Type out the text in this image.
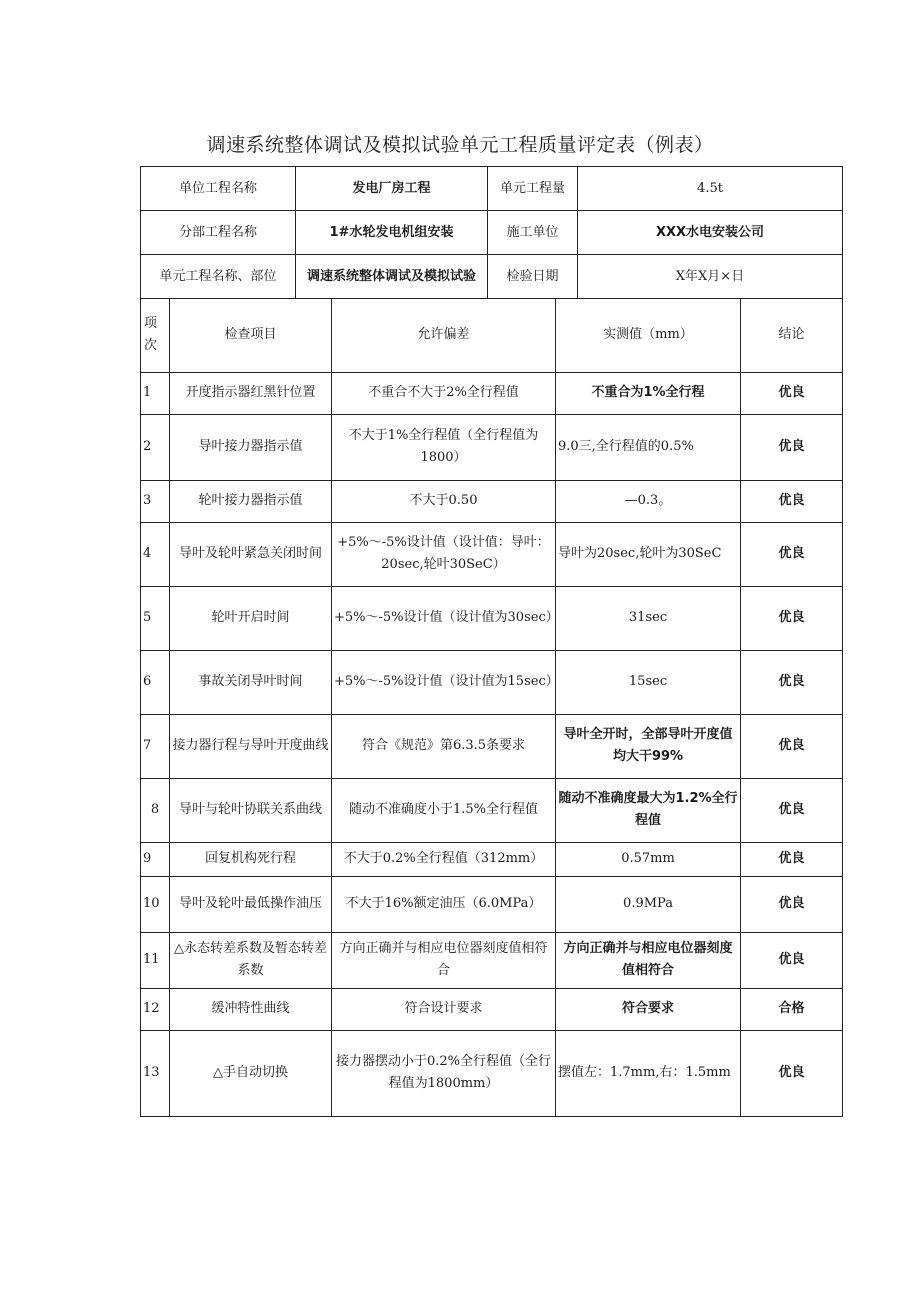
调速系统整体调试及模拟试验单元工程质量评定表（例表）
单位工程名称	发电厂房工程	单元工程量	4.5t
分部工程名称	1#水轮发电机组安装	施工单位	XXX水电安装公司
单元工程名称、部位	调速系统整体调试及模拟试验	检验日期	X年X月×日
项次	检查项目	允许偏差	实测值（mm）	结论
1	开度指示器红黑针位置	不重合不大于2%全行程值	不重合为1%全行程	优良
2	导叶接力器指示值	不大于1%全行程值（全行程值为1800）	9.0三,全行程值的0.5%	优良
3	轮叶接力器指示值	不大于0.50	—0.3。	优良
4	导叶及轮叶紧急关闭时间	+5%～-5%设计值（设计值：导叶：20sec,轮叶30SeC）	导叶为20sec,轮叶为30SeC	优良
5	轮叶开启时间	+5%～-5%设计值（设计值为30sec）	31sec	优良
6	事故关闭导叶时间	+5%～-5%设计值（设计值为15sec）	15sec	优良
7	接力器行程与导叶开度曲线	符合《规范》第6.3.5条要求	导叶全开时，全部导叶开度值均大干99%	优良
8	导叶与轮叶协联关系曲线	随动不准确度小于1.5%全行程值	随动不准确度最大为1.2%全行程值	优良
9	回复机构死行程	不大于0.2%全行程值（312mm）	0.57mm	优良
10	导叶及轮叶最低操作油压	不大于16%额定油压（6.0MPa）	0.9MPa	优良
11	△永态转差系数及暂态转差系数	方向正确并与相应电位器刻度值相符合	方向正确并与相应电位器刻度值相符合	优良
12	缓冲特性曲线	符合设计要求	符合要求	合格
13	△手自动切换	接力器摆动小于0.2%全行程值（全行程值为1800mm）	摆值左：1.7mm,右：1.5mm	优良
